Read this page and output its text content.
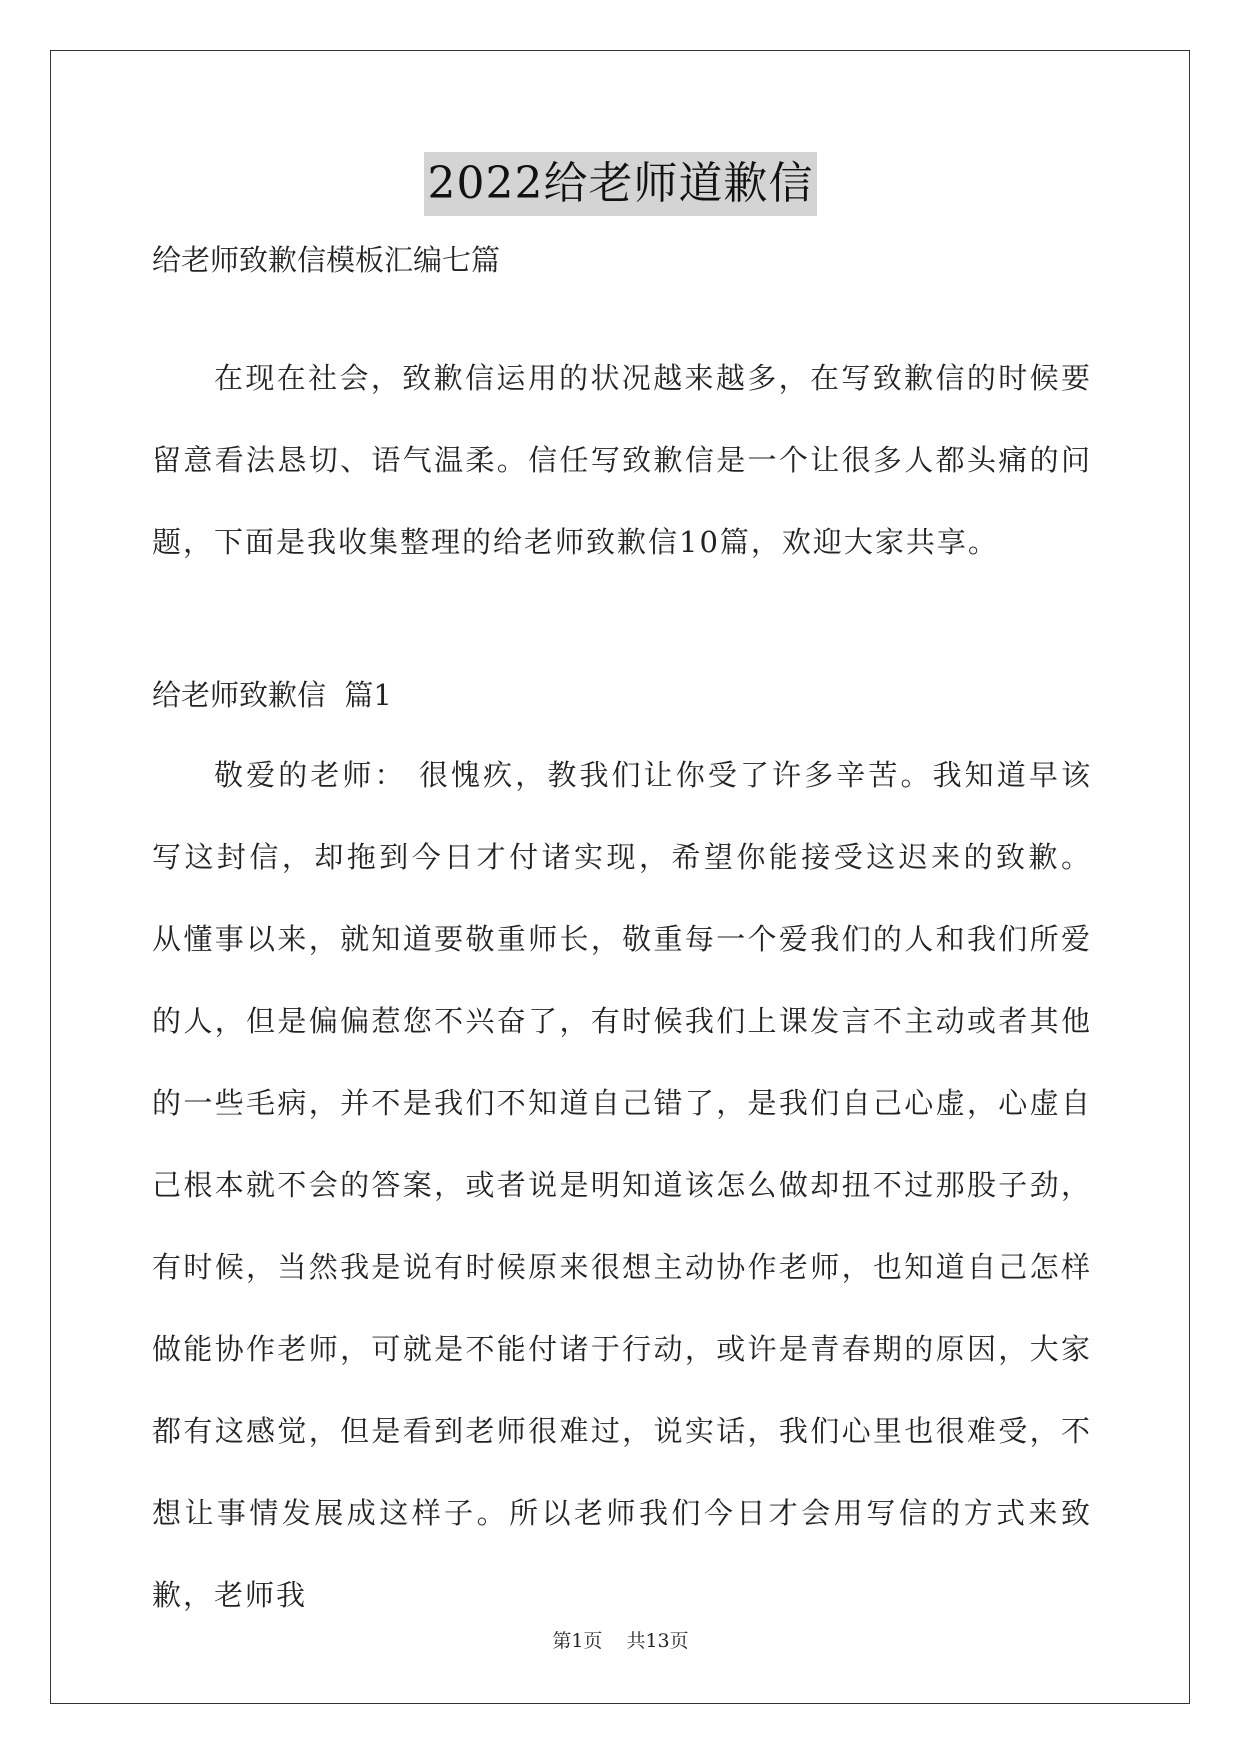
2022给老师道歉信
给老师致歉信模板汇编七篇

在现在社会，致歉信运用的状况越来越多，在写致歉信的时候要留意看法恳切、语气温柔。信任写致歉信是一个让很多人都头痛的问题，下面是我收集整理的给老师致歉信10篇，欢迎大家共享。

给老师致歉信  篇1

敬爱的老师： 很愧疚，教我们让你受了许多辛苦。我知道早该写这封信，却拖到今日才付诸实现，希望你能接受这迟来的致歉。 从懂事以来，就知道要敬重师长，敬重每一个爱我们的人和我们所爱的人，但是偏偏惹您不兴奋了，有时候我们上课发言不主动或者其他的一些毛病，并不是我们不知道自己错了，是我们自己心虚，心虚自己根本就不会的答案，或者说是明知道该怎么做却扭不过那股子劲，有时候，当然我是说有时候原来很想主动协作老师，也知道自己怎样做能协作老师，可就是不能付诸于行动，或许是青春期的原因，大家都有这感觉，但是看到老师很难过，说实话，我们心里也很难受，不想让事情发展成这样子。所以老师我们今日才会用写信的方式来致歉，老师我

第1页 共13页
